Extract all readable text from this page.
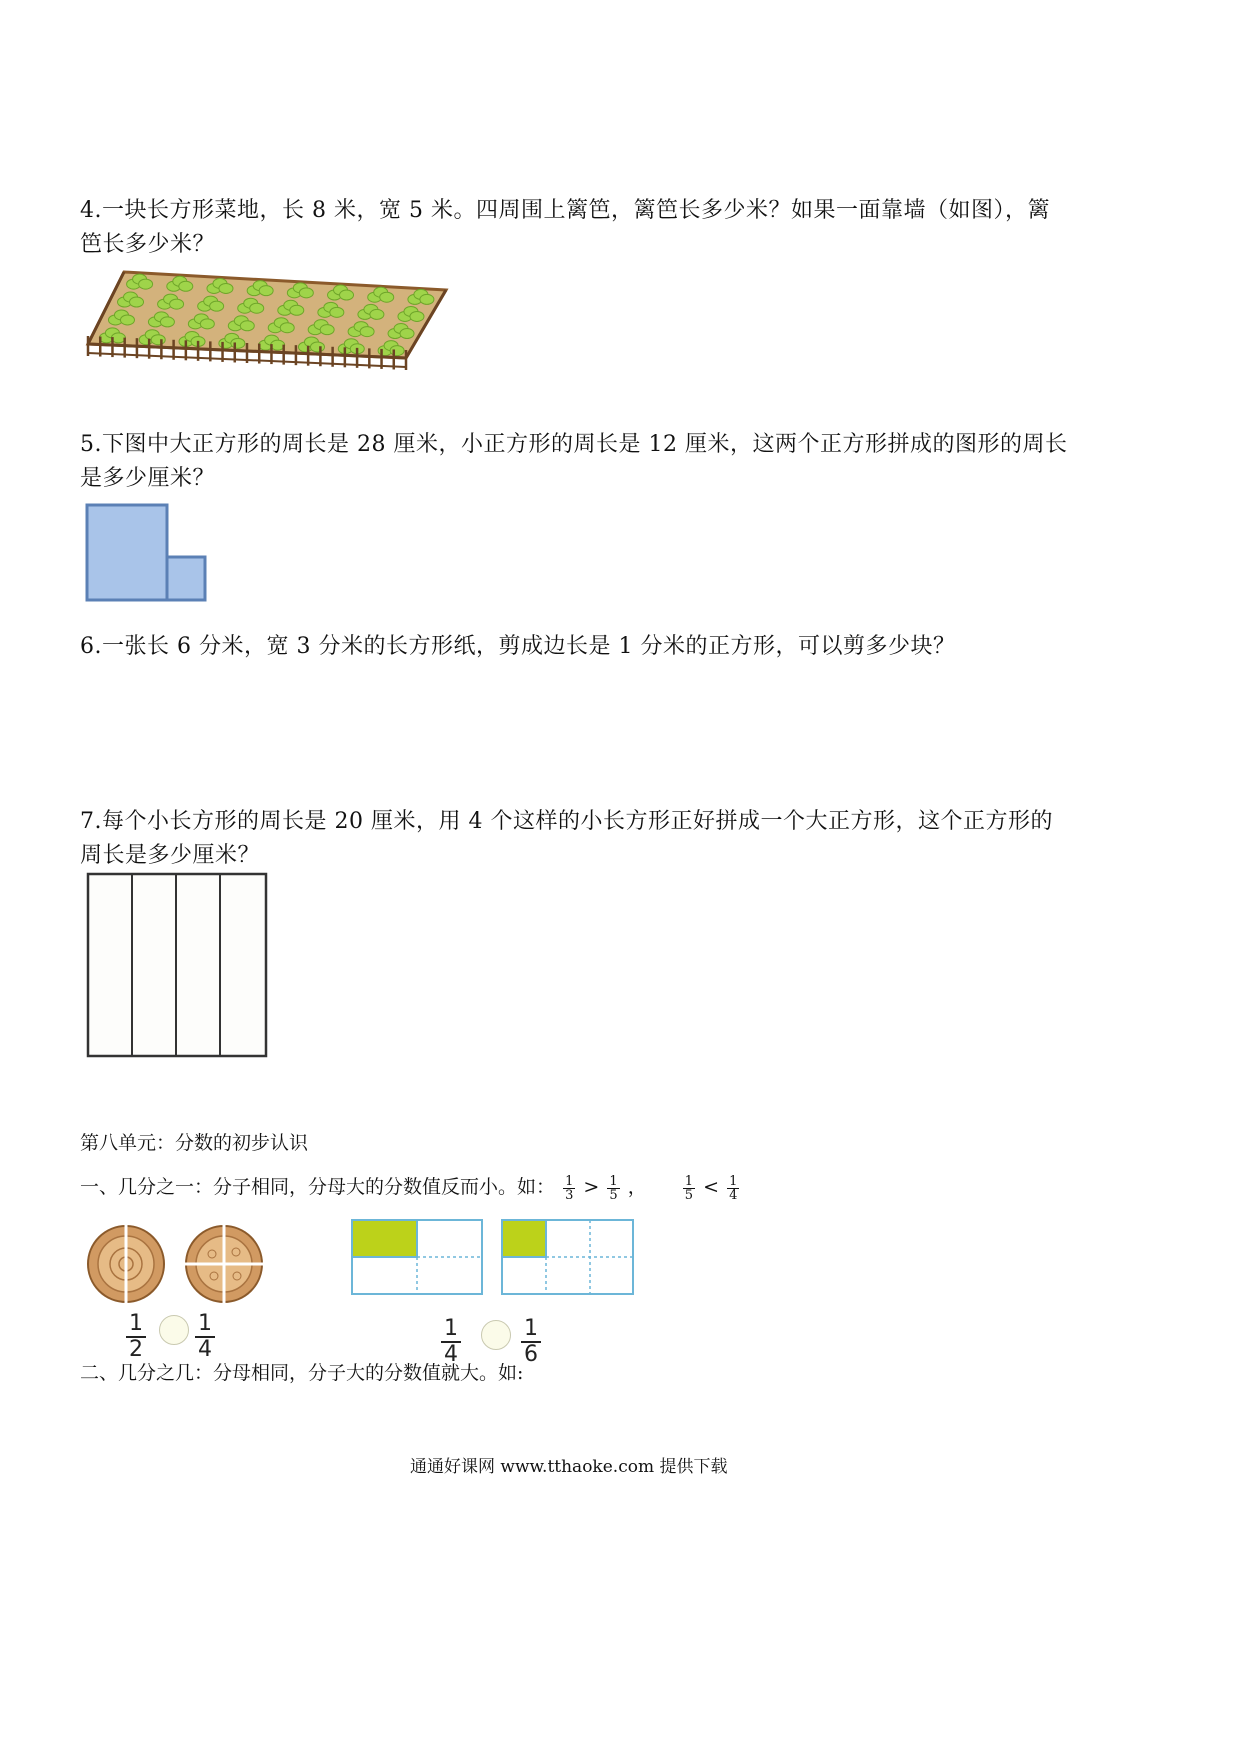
4.一块长方形菜地，长 8 米，宽 5 米。四周围上篱笆，篱笆长多少米？如果一面靠墙（如图），篱
笆长多少米？
5.下图中大正方形的周长是 28 厘米，小正方形的周长是 12 厘米，这两个正方形拼成的图形的周长
是多少厘米？
6.一张长 6 分米，宽 3 分米的长方形纸，剪成边长是 1 分米的正方形，可以剪多少块？
7.每个小长方形的周长是 20 厘米，用 4 个这样的小长方形正好拼成一个大正方形，这个正方形的
周长是多少厘米？
第八单元：分数的初步认识
一、几分之一：分子相同，分母大的分数值反而小。如： $\frac{1}{3} > \frac{1}{5}$ ，	$\frac{1}{5} < \frac{1}{4}$
$\frac{1}{2} \frac{1}{4}$	$\frac{1}{4}$	$\frac{1}{6}$
二、几分之几：分母相同，分子大的分数值就大。如:
通通好课网 www.tthaoke.com 提供下载
